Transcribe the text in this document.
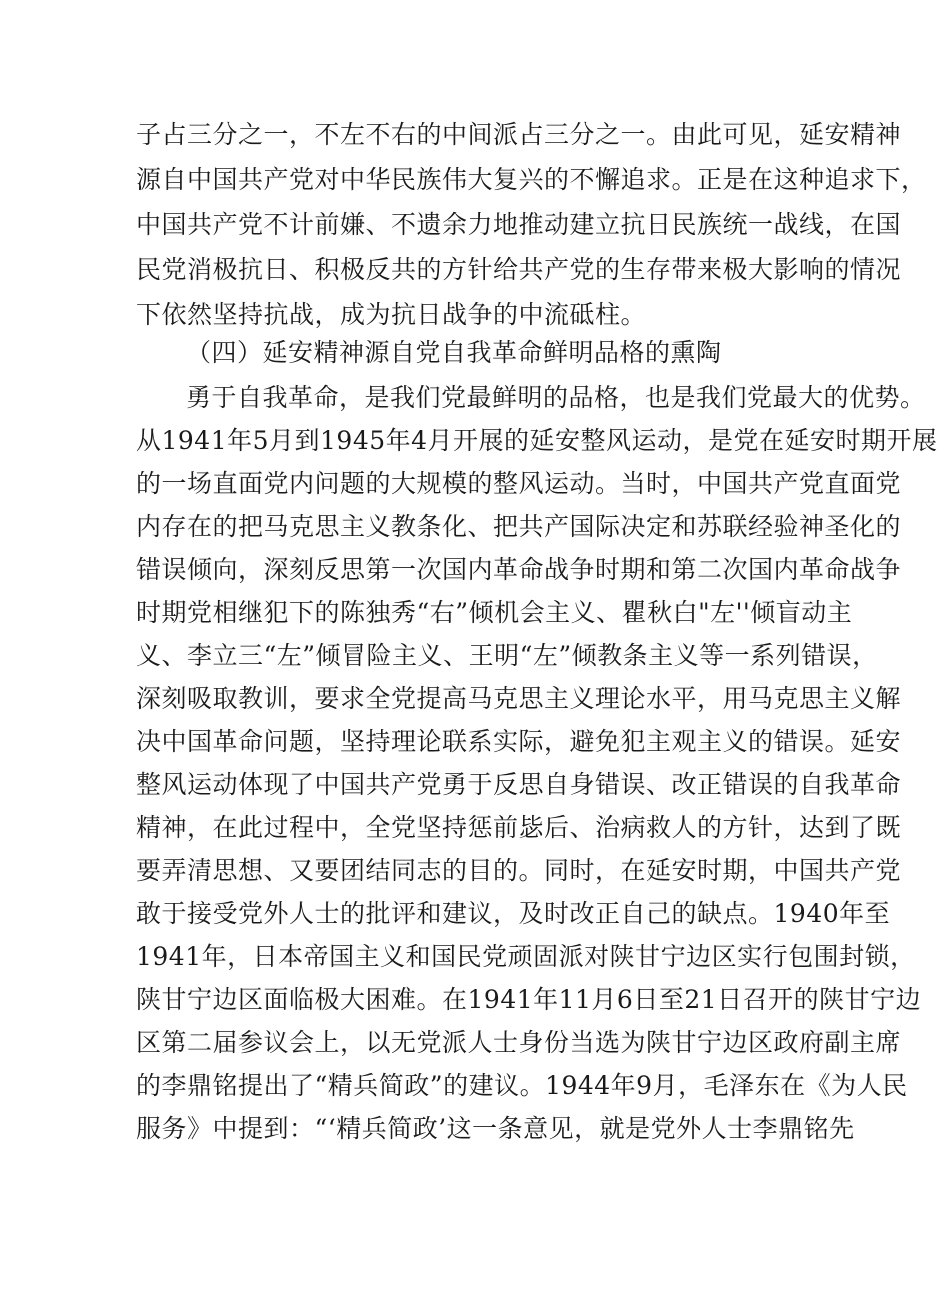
子占三分之一，不左不右的中间派占三分之一。由此可见，延安精神
源自中国共产党对中华民族伟大复兴的不懈追求。正是在这种追求下，
中国共产党不计前嫌、不遗余力地推动建立抗日民族统一战线，在国
民党消极抗日、积极反共的方针给共产党的生存带来极大影响的情况
下依然坚持抗战，成为抗日战争的中流砥柱。
（四）延安精神源自党自我革命鲜明品格的熏陶
勇于自我革命，是我们党最鲜明的品格，也是我们党最大的优势。
从1941年5月到1945年4月开展的延安整风运动，是党在延安时期开展
的一场直面党内问题的大规模的整风运动。当时，中国共产党直面党
内存在的把马克思主义教条化、把共产国际决定和苏联经验神圣化的
错误倾向，深刻反思第一次国内革命战争时期和第二次国内革命战争
时期党相继犯下的陈独秀“右”倾机会主义、瞿秋白"左''倾盲动主
义、李立三“左”倾冒险主义、王明“左”倾教条主义等一系列错误，
深刻吸取教训，要求全党提高马克思主义理论水平，用马克思主义解
决中国革命问题，坚持理论联系实际，避免犯主观主义的错误。延安
整风运动体现了中国共产党勇于反思自身错误、改正错误的自我革命
精神，在此过程中，全党坚持惩前毖后、治病救人的方针，达到了既
要弄清思想、又要团结同志的目的。同时，在延安时期，中国共产党
敢于接受党外人士的批评和建议，及时改正自己的缺点。1940年至
1941年，日本帝国主义和国民党顽固派对陕甘宁边区实行包围封锁，
陕甘宁边区面临极大困难。在1941年11月6日至21日召开的陕甘宁边
区第二届参议会上，以无党派人士身份当选为陕甘宁边区政府副主席
的李鼎铭提出了“精兵简政”的建议。1944年9月，毛泽东在《为人民
服务》中提到：“‘精兵简政’这一条意见，就是党外人士李鼎铭先
